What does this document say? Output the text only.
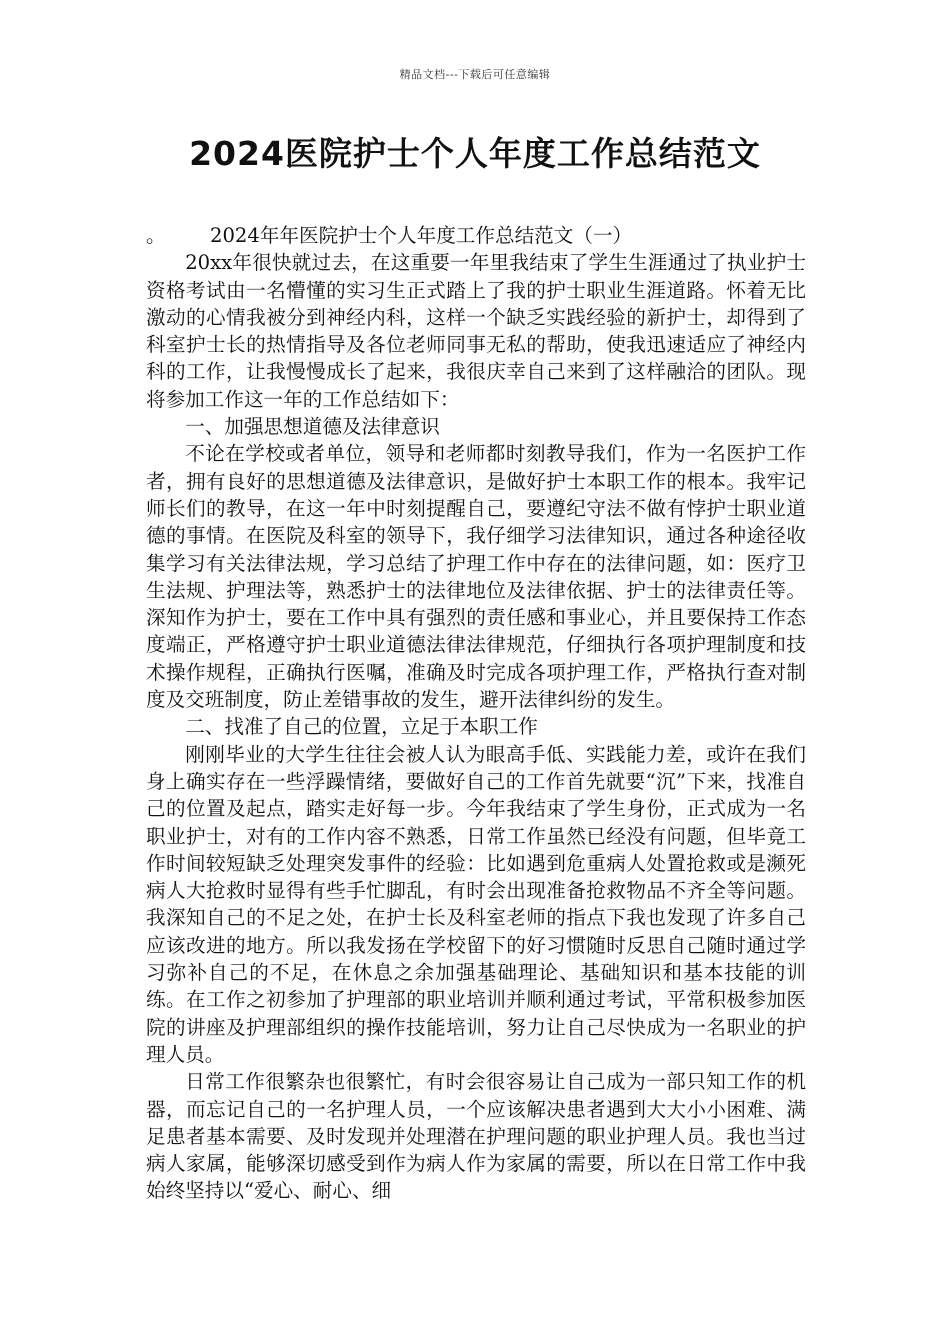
精品文档---下载后可任意编辑
2024医院护士个人年度工作总结范文

。 2024年年医院护士个人年度工作总结范文（一）

20xx年很快就过去，在这重要一年里我结束了学生生涯通过了执业护士资格考试由一名懵懂的实习生正式踏上了我的护士职业生涯道路。怀着无比激动的心情我被分到神经内科，这样一个缺乏实践经验的新护士，却得到了科室护士长的热情指导及各位老师同事无私的帮助，使我迅速适应了神经内科的工作，让我慢慢成长了起来，我很庆幸自己来到了这样融洽的团队。现将参加工作这一年的工作总结如下：

一、加强思想道德及法律意识

不论在学校或者单位，领导和老师都时刻教导我们，作为一名医护工作者，拥有良好的思想道德及法律意识，是做好护士本职工作的根本。我牢记师长们的教导，在这一年中时刻提醒自己，要遵纪守法不做有悖护士职业道德的事情。在医院及科室的领导下，我仔细学习法律知识，通过各种途径收集学习有关法律法规，学习总结了护理工作中存在的法律问题，如：医疗卫生法规、护理法等，熟悉护士的法律地位及法律依据、护士的法律责任等。深知作为护士，要在工作中具有强烈的责任感和事业心，并且要保持工作态度端正，严格遵守护士职业道德法律法律规范，仔细执行各项护理制度和技术操作规程，正确执行医嘱，准确及时完成各项护理工作，严格执行查对制度及交班制度，防止差错事故的发生，避开法律纠纷的发生。

二、找准了自己的位置，立足于本职工作

刚刚毕业的大学生往往会被人认为眼高手低、实践能力差，或许在我们身上确实存在一些浮躁情绪，要做好自己的工作首先就要“沉”下来，找准自己的位置及起点，踏实走好每一步。今年我结束了学生身份，正式成为一名职业护士，对有的工作内容不熟悉，日常工作虽然已经没有问题，但毕竟工作时间较短缺乏处理突发事件的经验：比如遇到危重病人处置抢救或是濒死病人大抢救时显得有些手忙脚乱，有时会出现准备抢救物品不齐全等问题。我深知自己的不足之处，在护士长及科室老师的指点下我也发现了许多自己应该改进的地方。所以我发扬在学校留下的好习惯随时反思自己随时通过学习弥补自己的不足，在休息之余加强基础理论、基础知识和基本技能的训练。在工作之初参加了护理部的职业培训并顺利通过考试，平常积极参加医院的讲座及护理部组织的操作技能培训，努力让自己尽快成为一名职业的护理人员。

日常工作很繁杂也很繁忙，有时会很容易让自己成为一部只知工作的机器，而忘记自己的一名护理人员，一个应该解决患者遇到大大小小困难、满足患者基本需要、及时发现并处理潜在护理问题的职业护理人员。我也当过病人家属，能够深切感受到作为病人作为家属的需要，所以在日常工作中我始终坚持以“爱心、耐心、细
